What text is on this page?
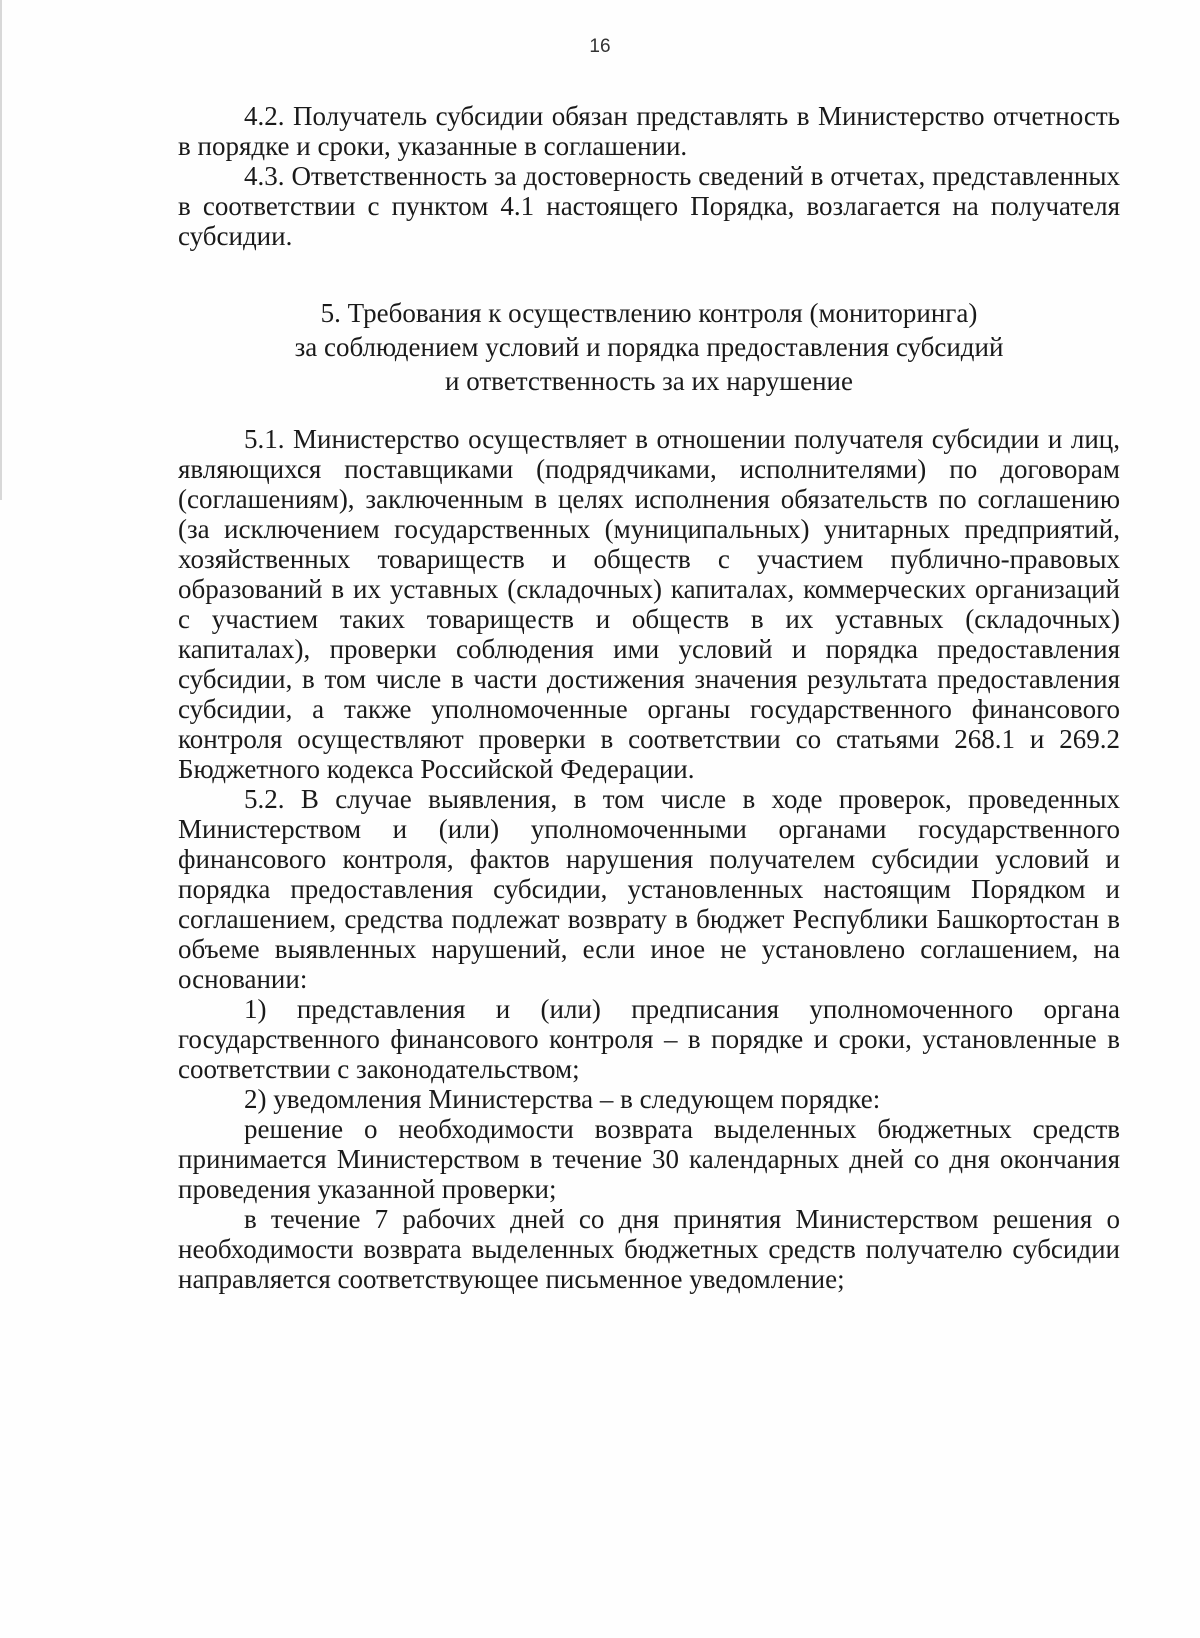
16

4.2. Получатель субсидии обязан представлять в Министерство отчетность в порядке и сроки, указанные в соглашении.

4.3. Ответственность за достоверность сведений в отчетах, представленных в соответствии с пунктом 4.1 настоящего Порядка, возлагается на получателя субсидии.

5. Требования к осуществлению контроля (мониторинга)
за соблюдением условий и порядка предоставления субсидий
и ответственность за их нарушение

5.1. Министерство осуществляет в отношении получателя субсидии и лиц, являющихся поставщиками (подрядчиками, исполнителями) по договорам (соглашениям), заключенным в целях исполнения обязательств по соглашению (за исключением государственных (муниципальных) унитарных предприятий, хозяйственных товариществ и обществ с участием публично-правовых образований в их уставных (складочных) капиталах, коммерческих организаций с участием таких товариществ и обществ в их уставных (складочных) капиталах), проверки соблюдения ими условий и порядка предоставления субсидии, в том числе в части достижения значения результата предоставления субсидии, а также уполномоченные органы государственного финансового контроля осуществляют проверки в соответствии со статьями 268.1 и 269.2 Бюджетного кодекса Российской Федерации.

5.2. В случае выявления, в том числе в ходе проверок, проведенных Министерством и (или) уполномоченными органами государственного финансового контроля, фактов нарушения получателем субсидии условий и порядка предоставления субсидии, установленных настоящим Порядком и соглашением, средства подлежат возврату в бюджет Республики Башкортостан в объеме выявленных нарушений, если иное не установлено соглашением, на основании:

1) представления и (или) предписания уполномоченного органа государственного финансового контроля – в порядке и сроки, установленные в соответствии с законодательством;

2) уведомления Министерства – в следующем порядке:

решение о необходимости возврата выделенных бюджетных средств принимается Министерством в течение 30 календарных дней со дня окончания проведения указанной проверки;

в течение 7 рабочих дней со дня принятия Министерством решения о необходимости возврата выделенных бюджетных средств получателю субсидии направляется соответствующее письменное уведомление;
